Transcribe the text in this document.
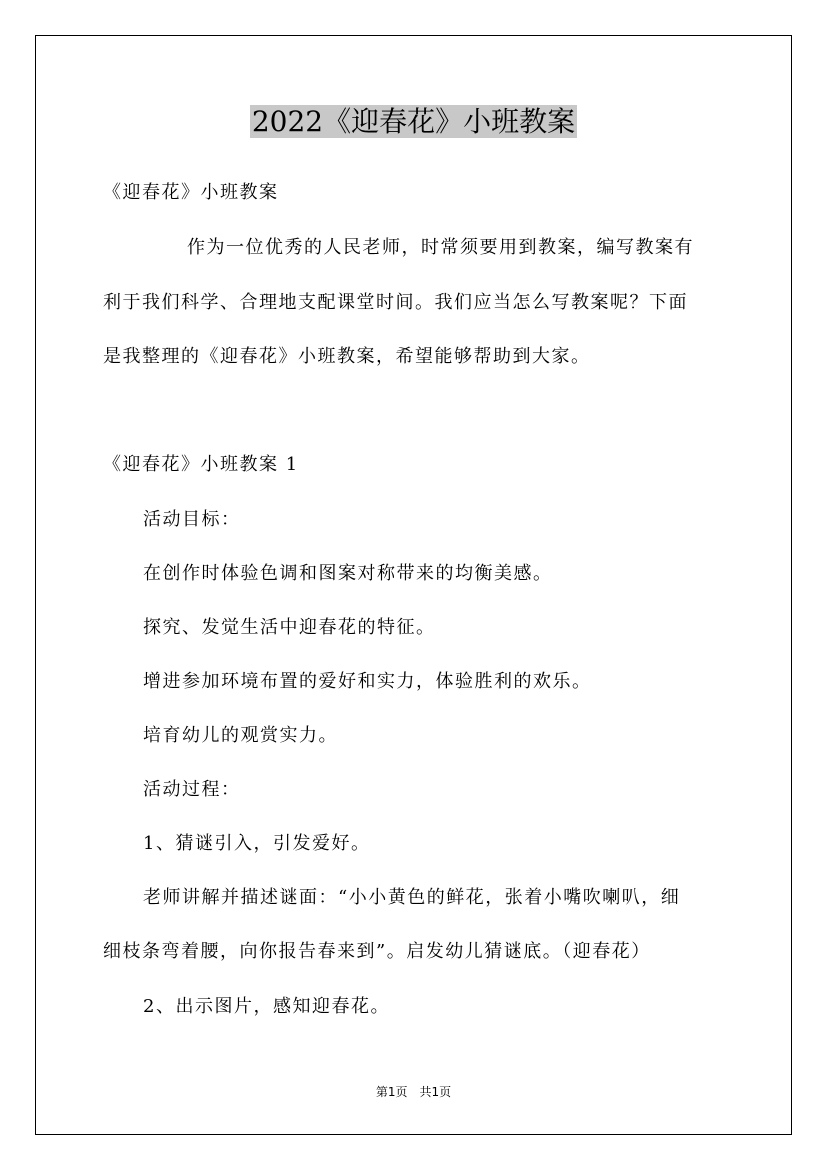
2022《迎春花》小班教案
《迎春花》小班教案
作为一位优秀的人民老师，时常须要用到教案，编写教案有
利于我们科学、合理地支配课堂时间。我们应当怎么写教案呢？下面
是我整理的《迎春花》小班教案，希望能够帮助到大家。
《迎春花》小班教案 1
活动目标：
在创作时体验色调和图案对称带来的均衡美感。
探究、发觉生活中迎春花的特征。
增进参加环境布置的爱好和实力，体验胜利的欢乐。
培育幼儿的观赏实力。
活动过程：
1、猜谜引入，引发爱好。
老师讲解并描述谜面：“小小黄色的鲜花，张着小嘴吹喇叭，细
细枝条弯着腰，向你报告春来到”。启发幼儿猜谜底。（迎春花）
2、出示图片，感知迎春花。
第1页　共1页
